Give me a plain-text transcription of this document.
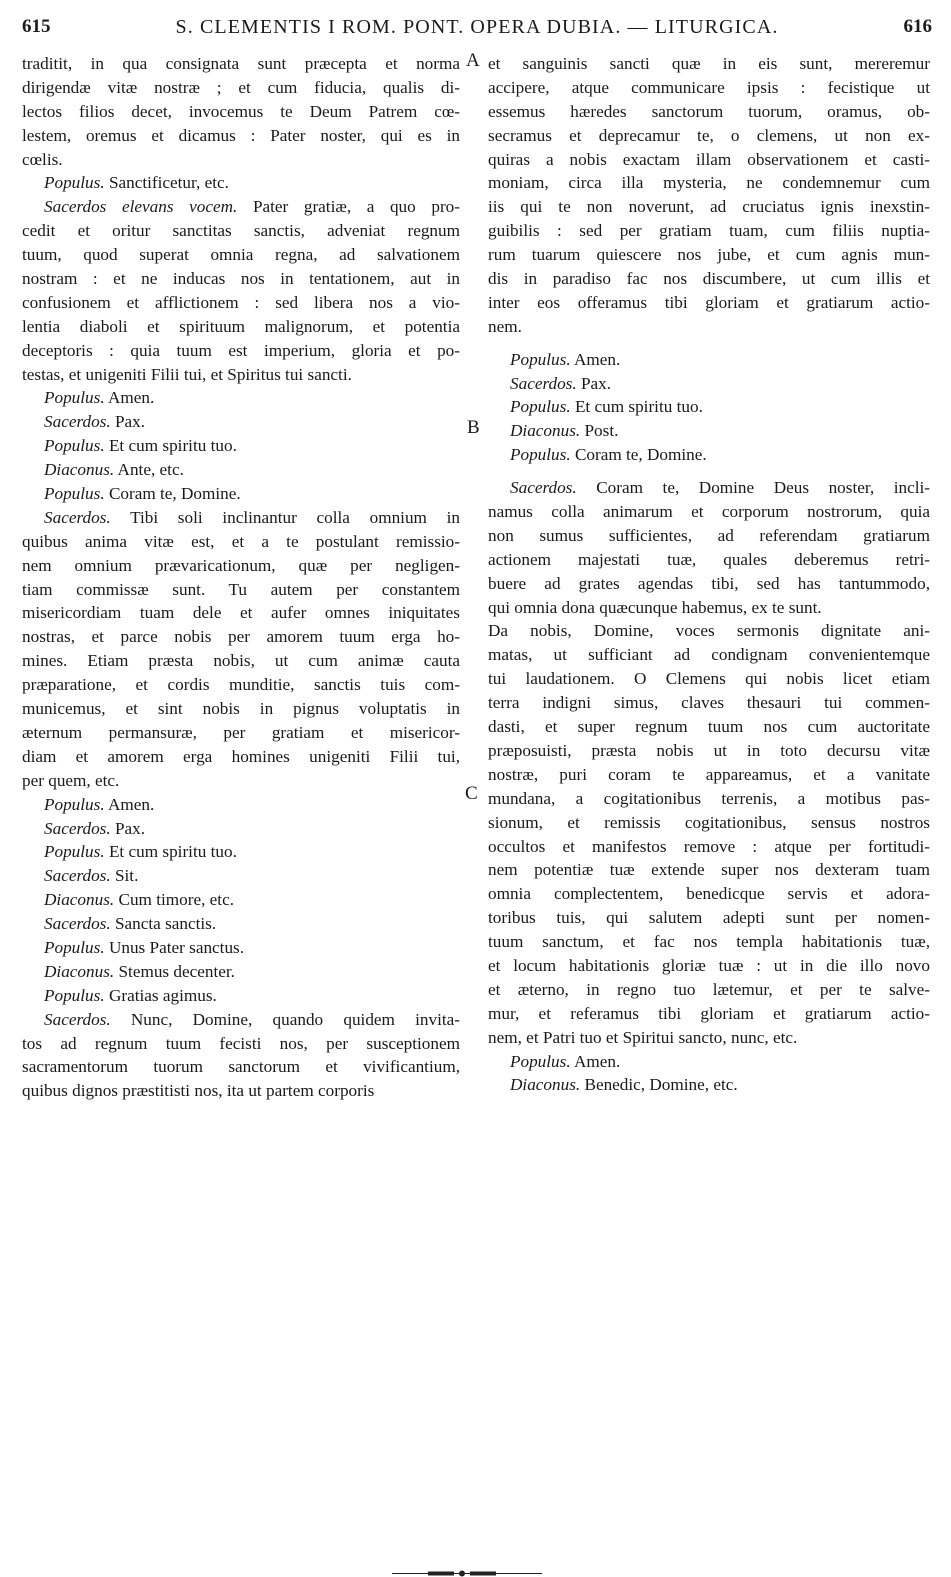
615	S. CLEMENTIS I ROM. PONT. OPERA DUBIA. — LITURGICA.	616
A
B
C
traditit, in qua consignata sunt præcepta et norma
dirigendæ vitæ nostræ ; et cum fiducia, qualis di-
lectos filios decet, invocemus te Deum Patrem cœ-
lestem, oremus et dicamus : Pater noster, qui es in
cœlis.
Populus. Sanctificetur, etc.
Sacerdos elevans vocem. Pater gratiæ, a quo pro-
cedit et oritur sanctitas sanctis, adveniat regnum
tuum, quod superat omnia regna, ad salvationem
nostram : et ne inducas nos in tentationem, aut in
confusionem et afflictionem : sed libera nos a vio-
lentia diaboli et spirituum malignorum, et potentia
deceptoris : quia tuum est imperium, gloria et po-
testas, et unigeniti Filii tui, et Spiritus tui sancti.
Populus. Amen.
Sacerdos. Pax.
Populus. Et cum spiritu tuo.
Diaconus. Ante, etc.
Populus. Coram te, Domine.
Sacerdos. Tibi soli inclinantur colla omnium in
quibus anima vitæ est, et a te postulant remissio-
nem omnium prævaricationum, quæ per negligen-
tiam commissæ sunt. Tu autem per constantem
misericordiam tuam dele et aufer omnes iniquitates
nostras, et parce nobis per amorem tuum erga ho-
mines. Etiam præsta nobis, ut cum animæ cauta
præparatione, et cordis munditie, sanctis tuis com-
municemus, et sint nobis in pignus voluptatis in
æternum permansuræ, per gratiam et misericor-
diam et amorem erga homines unigeniti Filii tui,
per quem, etc.
Populus. Amen.
Sacerdos. Pax.
Populus. Et cum spiritu tuo.
Sacerdos. Sit.
Diaconus. Cum timore, etc.
Sacerdos. Sancta sanctis.
Populus. Unus Pater sanctus.
Diaconus. Stemus decenter.
Populus. Gratias agimus.
Sacerdos. Nunc, Domine, quando quidem invita-
tos ad regnum tuum fecisti nos, per susceptionem
sacramentorum tuorum sanctorum et vivificantium,
quibus dignos præstitisti nos, ita ut partem corporis
et sanguinis sancti quæ in eis sunt, mereremur
accipere, atque communicare ipsis : fecistique ut
essemus hæredes sanctorum tuorum, oramus, ob-
secramus et deprecamur te, o clemens, ut non ex-
quiras a nobis exactam illam observationem et casti-
moniam, circa illa mysteria, ne condemnemur cum
iis qui te non noverunt, ad cruciatus ignis inexstin-
guibilis : sed per gratiam tuam, cum filiis nuptia-
rum tuarum quiescere nos jube, et cum agnis mun-
dis in paradiso fac nos discumbere, ut cum illis et
inter eos offeramus tibi gloriam et gratiarum actio-
nem.
Populus. Amen.
Sacerdos. Pax.
Populus. Et cum spiritu tuo.
Diaconus. Post.
Populus. Coram te, Domine.
Sacerdos. Coram te, Domine Deus noster, incli-
namus colla animarum et corporum nostrorum, quia
non sumus sufficientes, ad referendam gratiarum
actionem majestati tuæ, quales deberemus retri-
buere ad grates agendas tibi, sed has tantummodo,
qui omnia dona quæcunque habemus, ex te sunt.
Da nobis, Domine, voces sermonis dignitate ani-
matas, ut sufficiant ad condignam convenientemque
tui laudationem. O Clemens qui nobis licet etiam
terra indigni simus, claves thesauri tui commen-
dasti, et super regnum tuum nos cum auctoritate
præposuisti, præsta nobis ut in toto decursu vitæ
nostræ, puri coram te appareamus, et a vanitate
mundana, a cogitationibus terrenis, a motibus pas-
sionum, et remissis cogitationibus, sensus nostros
occultos et manifestos remove : atque per fortitudi-
nem potentiæ tuæ extende super nos dexteram tuam
omnia complectentem, benedicque servis et adora-
toribus tuis, qui salutem adepti sunt per nomen-
tuum sanctum, et fac nos templa habitationis tuæ,
et locum habitationis gloriæ tuæ : ut in die illo novo
et æterno, in regno tuo lætemur, et per te salve-
mur, et referamus tibi gloriam et gratiarum actio-
nem, et Patri tuo et Spiritui sancto, nunc, etc.
Populus. Amen.
Diaconus. Benedic, Domine, etc.
